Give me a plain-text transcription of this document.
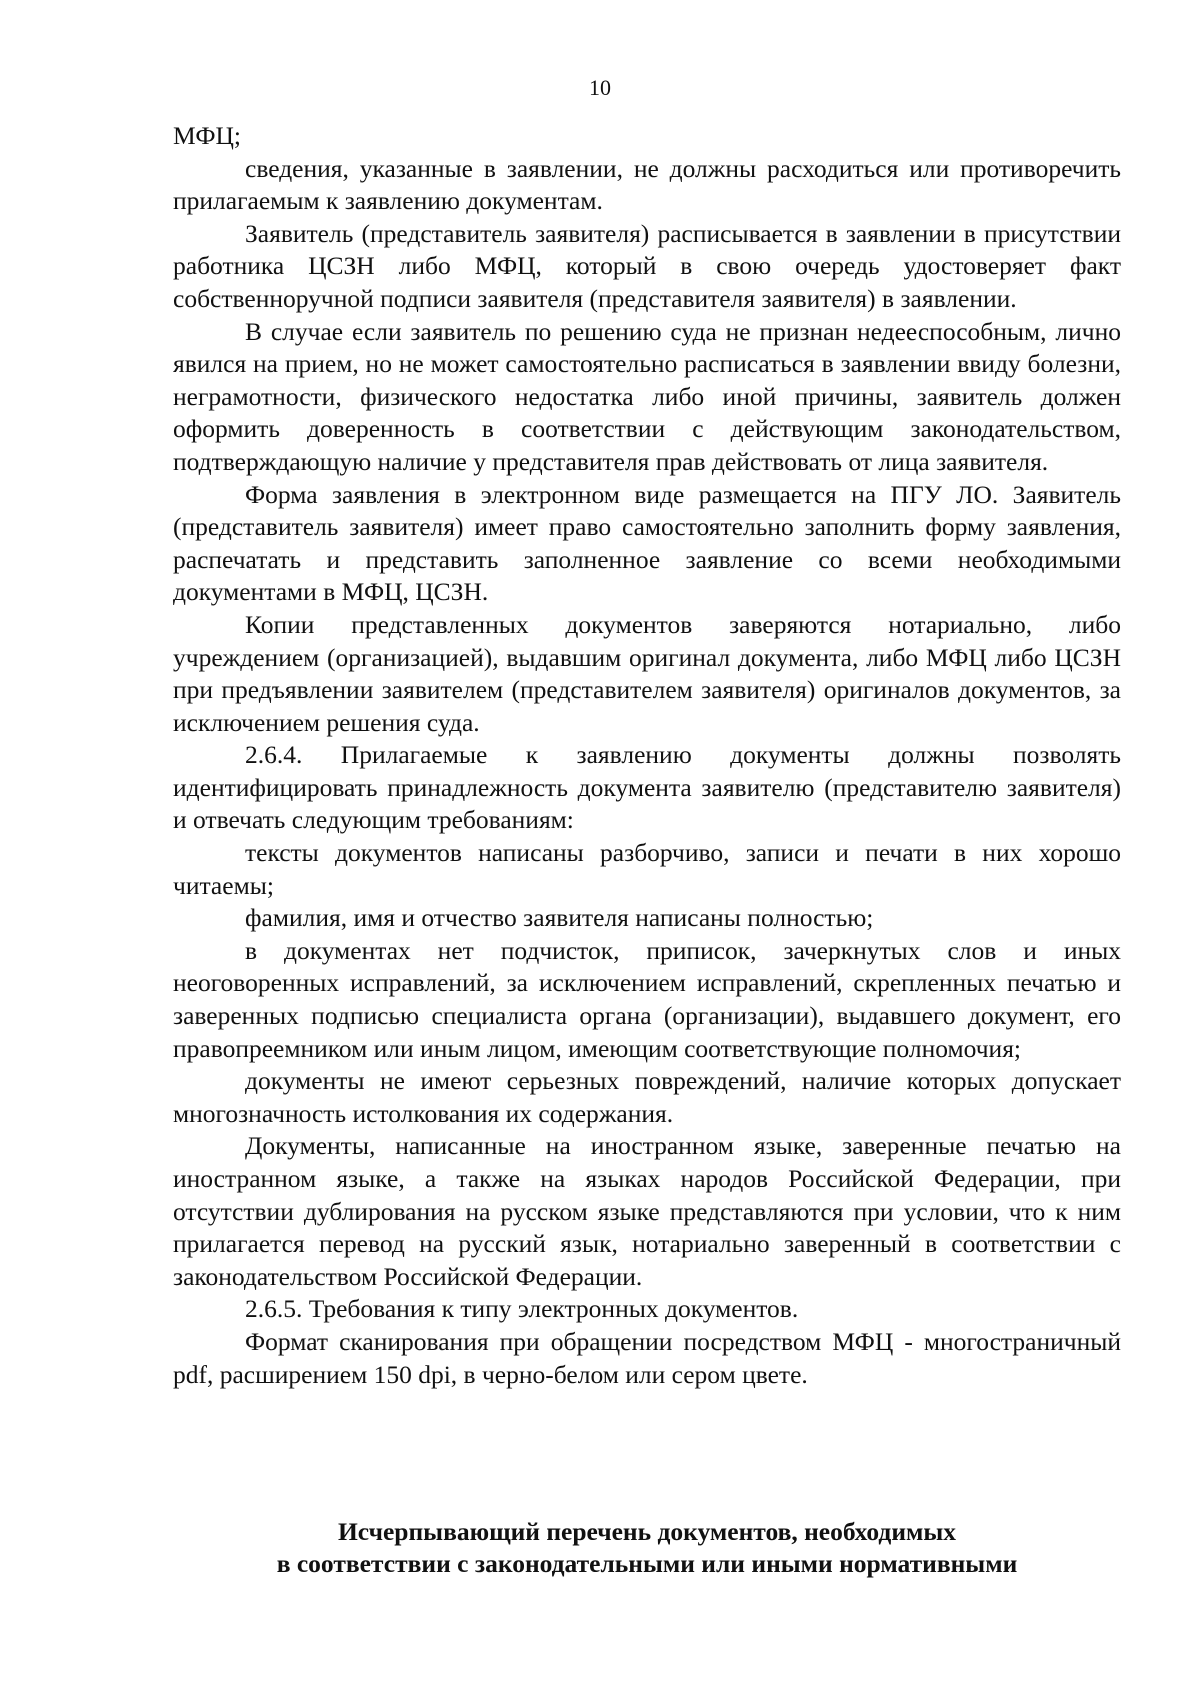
10

МФЦ;

сведения, указанные в заявлении, не должны расходиться или противоречить прилагаемым к заявлению документам.

Заявитель (представитель заявителя) расписывается в заявлении в присутствии работника ЦСЗН либо МФЦ, который в свою очередь удостоверяет факт собственноручной подписи заявителя (представителя заявителя) в заявлении.

В случае если заявитель по решению суда не признан недееспособным, лично явился на прием, но не может самостоятельно расписаться в заявлении ввиду болезни, неграмотности, физического недостатка либо иной причины, заявитель должен оформить доверенность в соответствии с действующим законодательством, подтверждающую наличие у представителя прав действовать от лица заявителя.

Форма заявления в электронном виде размещается на ПГУ ЛО. Заявитель (представитель заявителя) имеет право самостоятельно заполнить форму заявления, распечатать и представить заполненное заявление со всеми необходимыми документами в МФЦ, ЦСЗН.

Копии представленных документов заверяются нотариально, либо учреждением (организацией), выдавшим оригинал документа, либо МФЦ либо ЦСЗН при предъявлении заявителем (представителем заявителя) оригиналов документов, за исключением решения суда.

2.6.4. Прилагаемые к заявлению документы должны позволять идентифицировать принадлежность документа заявителю (представителю заявителя) и отвечать следующим требованиям:

тексты документов написаны разборчиво, записи и печати в них хорошо читаемы;

фамилия, имя и отчество заявителя написаны полностью;

в документах нет подчисток, приписок, зачеркнутых слов и иных неоговоренных исправлений, за исключением исправлений, скрепленных печатью и заверенных подписью специалиста органа (организации), выдавшего документ, его правопреемником или иным лицом, имеющим соответствующие полномочия;

документы не имеют серьезных повреждений, наличие которых допускает многозначность истолкования их содержания.

Документы, написанные на иностранном языке, заверенные печатью на иностранном языке, а также на языках народов Российской Федерации, при отсутствии дублирования на русском языке представляются при условии, что к ним прилагается перевод на русский язык, нотариально заверенный в соответствии с законодательством Российской Федерации.

2.6.5. Требования к типу электронных документов.

Формат сканирования при обращении посредством МФЦ - многостраничный pdf, расширением 150 dpi, в черно-белом или сером цвете.

Исчерпывающий перечень документов, необходимых
в соответствии с законодательными или иными нормативными
